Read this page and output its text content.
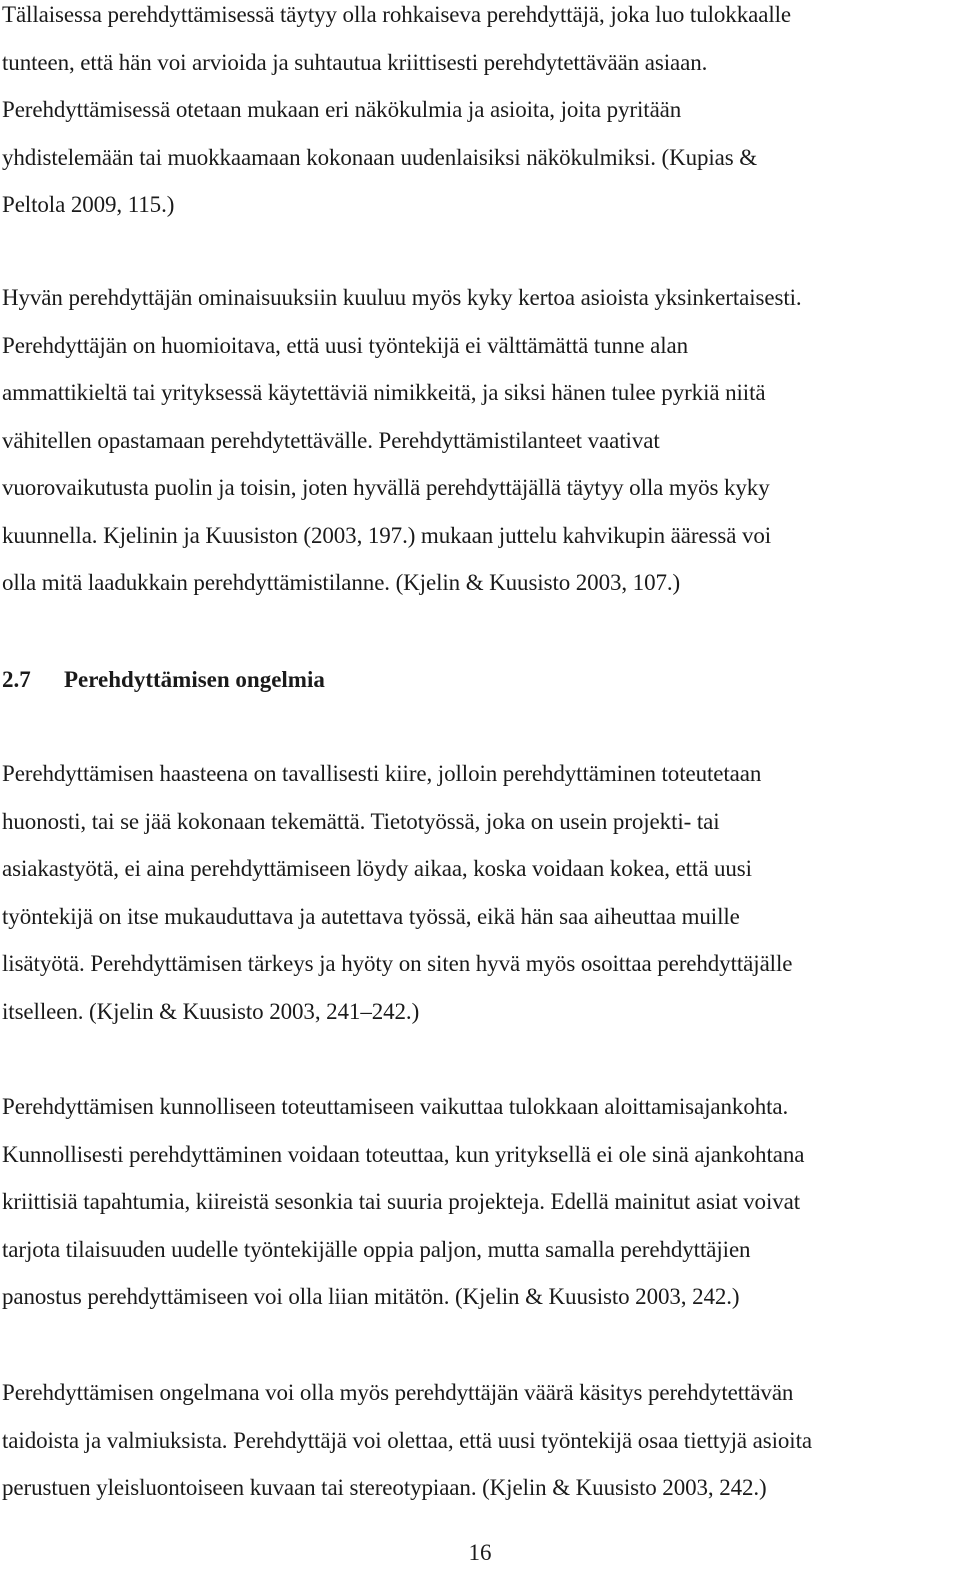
Tällaisessa perehdyttämisessä täytyy olla rohkaiseva perehdyttäjä, joka luo tulokkaalle
tunteen, että hän voi arvioida ja suhtautua kriittisesti perehdytettävään asiaan.
Perehdyttämisessä otetaan mukaan eri näkökulmia ja asioita, joita pyritään
yhdistelemään tai muokkaamaan kokonaan uudenlaisiksi näkökulmiksi. (Kupias &
Peltola 2009, 115.)

Hyvän perehdyttäjän ominaisuuksiin kuuluu myös kyky kertoa asioista yksinkertaisesti.
Perehdyttäjän on huomioitava, että uusi työntekijä ei välttämättä tunne alan
ammattikieltä tai yrityksessä käytettäviä nimikkeitä, ja siksi hänen tulee pyrkiä niitä
vähitellen opastamaan perehdytettävälle. Perehdyttämistilanteet vaativat
vuorovaikutusta puolin ja toisin, joten hyvällä perehdyttäjällä täytyy olla myös kyky
kuunnella. Kjelinin ja Kuusiston (2003, 197.) mukaan juttelu kahvikupin ääressä voi
olla mitä laadukkain perehdyttämistilanne. (Kjelin & Kuusisto 2003, 107.)

2.7 Perehdyttämisen ongelmia

Perehdyttämisen haasteena on tavallisesti kiire, jolloin perehdyttäminen toteutetaan
huonosti, tai se jää kokonaan tekemättä. Tietotyössä, joka on usein projekti- tai
asiakastyötä, ei aina perehdyttämiseen löydy aikaa, koska voidaan kokea, että uusi
työntekijä on itse mukauduttava ja autettava työssä, eikä hän saa aiheuttaa muille
lisätyötä. Perehdyttämisen tärkeys ja hyöty on siten hyvä myös osoittaa perehdyttäjälle
itselleen. (Kjelin & Kuusisto 2003, 241–242.)

Perehdyttämisen kunnolliseen toteuttamiseen vaikuttaa tulokkaan aloittamisajankohta.
Kunnollisesti perehdyttäminen voidaan toteuttaa, kun yrityksellä ei ole sinä ajankohtana
kriittisiä tapahtumia, kiireistä sesonkia tai suuria projekteja. Edellä mainitut asiat voivat
tarjota tilaisuuden uudelle työntekijälle oppia paljon, mutta samalla perehdyttäjien
panostus perehdyttämiseen voi olla liian mitätön. (Kjelin & Kuusisto 2003, 242.)

Perehdyttämisen ongelmana voi olla myös perehdyttäjän väärä käsitys perehdytettävän
taidoista ja valmiuksista. Perehdyttäjä voi olettaa, että uusi työntekijä osaa tiettyjä asioita
perustuen yleisluontoiseen kuvaan tai stereotypiaan. (Kjelin & Kuusisto 2003, 242.)

16
